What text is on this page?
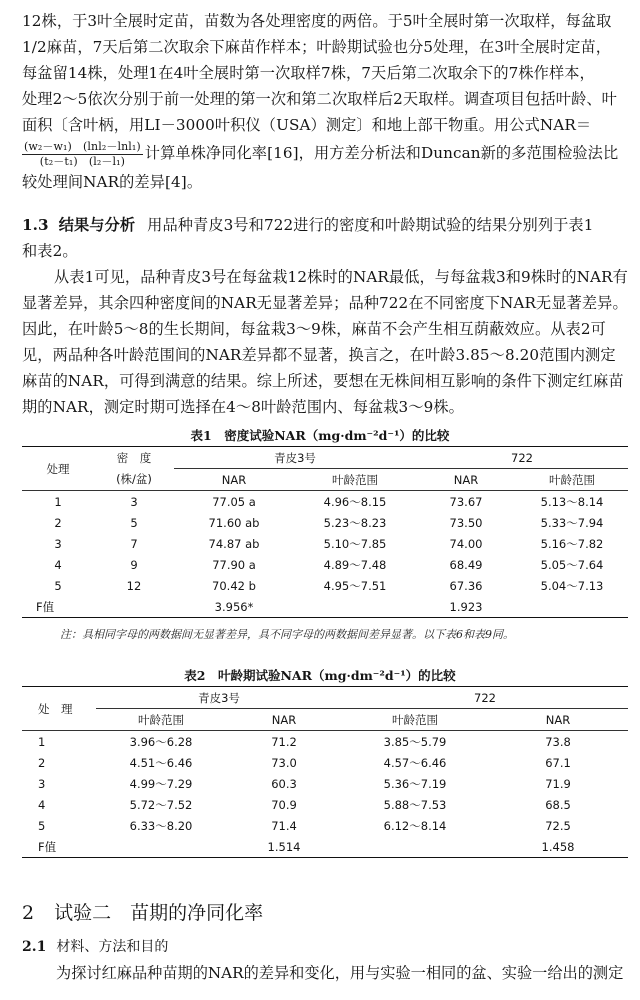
12株，于3叶全展时定苗，苗数为各处理密度的两倍。于5叶全展时第一次取样，每盆取

1/2麻苗，7天后第二次取余下麻苗作样本；叶龄期试验也分5处理，在3叶全展时定苗，

每盆留14株，处理1在4叶全展时第一次取样7株，7天后第二次取余下的7株作样本，

处理2～5依次分别于前一处理的第一次和第二次取样后2天取样。调查项目包括叶龄、叶

面积〔含叶柄，用LI－3000叶积仪（USA）测定〕和地上部干物重。用公式NAR＝

$\frac{\text{(w₂－w₁)　(lnl₂－lnl₁)}}{\text{(t₂－t₁)　(l₂－l₁)}}$ 计算单株净同化率[16]，用方差分析法和Duncan新的多范围检验法比

较处理间NAR的差异[4]。

1.3 结果与分析 用品种青皮3号和722进行的密度和叶龄期试验的结果分别列于表1

和表2。

从表1可见，品种青皮3号在每盆栽12株时的NAR最低，与每盆栽3和9株时的NAR有显著差异，其余四种密度间的NAR无显著差异；品种722在不同密度下NAR无显著差异。因此，在叶龄5～8的生长期间，每盆栽3～9株，麻苗不会产生相互荫蔽效应。从表2可见，两品种各叶龄范围间的NAR差异都不显著，换言之，在叶龄3.85～8.20范围内测定麻苗的NAR，可得到满意的结果。综上所述，要想在无株间相互影响的条件下测定红麻苗期的NAR，测定时期可选择在4～8叶龄范围内、每盆栽3～9株。

表1　密度试验NAR（mg·dm⁻²d⁻¹）的比较
处理	密　度	青皮3号		722	
	(株/盆)	NAR	叶龄范围	NAR	叶龄范围
1	3	77.05 a	4.96～8.15	73.67	5.13～8.14
2	5	71.60 ab	5.23～8.23	73.50	5.33～7.94
3	7	74.87 ab	5.10～7.85	74.00	5.16～7.82
4	9	77.90 a	4.89～7.48	68.49	5.05～7.64
5	12	70.42 b	4.95～7.51	67.36	5.04～7.13
F值		3.956*		1.923	
注：具相同字母的两数据间无显著差异，具不同字母的两数据间差异显著。以下表6和表9同。
表2　叶龄期试验NAR（mg·dm⁻²d⁻¹）的比较
处　理	青皮3号		722	
	叶龄范围	NAR	叶龄范围	NAR
1	3.96～6.28	71.2	3.85～5.79	73.8
2	4.51～6.46	73.0	4.57～6.46	67.1
3	4.99～7.29	60.3	5.36～7.19	71.9
4	5.72～7.52	70.9	5.88～7.53	68.5
5	6.33～8.20	71.4	6.12～8.14	72.5
F值		1.514		1.458
2 试验二　苗期的净同化率
2.1 材料、方法和目的
为探讨红麻品种苗期的NAR的差异和变化，用与实验一相同的盆、实验一给出的测定
